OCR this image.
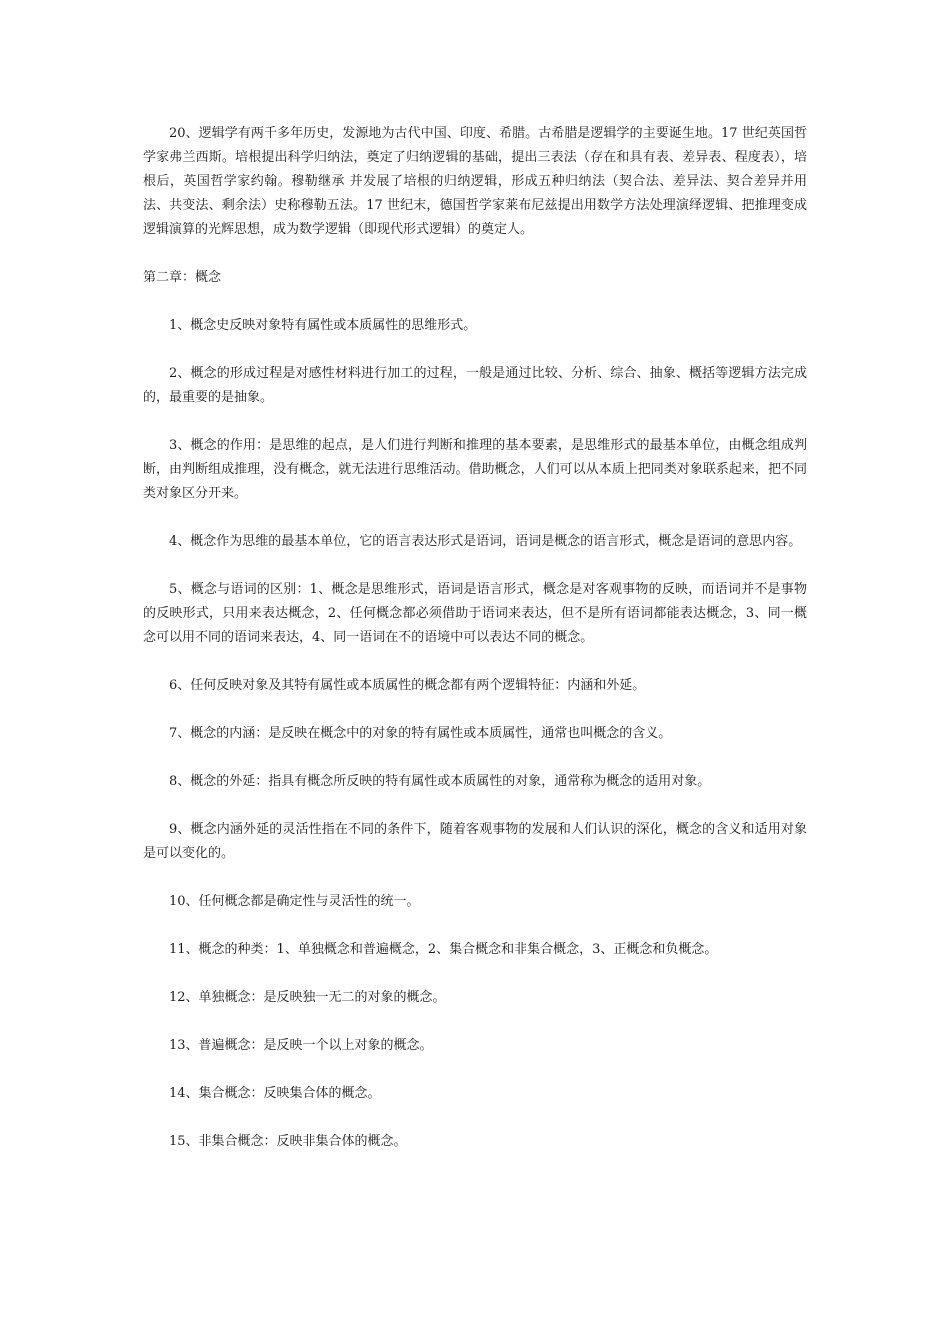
20、逻辑学有两千多年历史，发源地为古代中国、印度、希腊。古希腊是逻辑学的主要诞生地。17 世纪英国哲学家弗兰西斯。培根提出科学归纳法，奠定了归纳逻辑的基础，提出三表法（存在和具有表、差异表、程度表），培根后，英国哲学家约翰。穆勒继承 并发展了培根的归纳逻辑，形成五种归纳法（契合法、差异法、契合差异并用法、共变法、剩余法）史称穆勒五法。17 世纪末，德国哲学家莱布尼兹提出用数学方法处理演绎逻辑、把推理变成逻辑演算的光辉思想，成为数学逻辑（即现代形式逻辑）的奠定人。

第二章：概念

1、概念史反映对象特有属性或本质属性的思维形式。

2、概念的形成过程是对感性材料进行加工的过程，一般是通过比较、分析、综合、抽象、概括等逻辑方法完成的，最重要的是抽象。

3、概念的作用：是思维的起点，是人们进行判断和推理的基本要素，是思维形式的最基本单位，由概念组成判断，由判断组成推理，没有概念，就无法进行思维活动。借助概念，人们可以从本质上把同类对象联系起来，把不同类对象区分开来。

4、概念作为思维的最基本单位，它的语言表达形式是语词，语词是概念的语言形式，概念是语词的意思内容。

5、概念与语词的区别：1、概念是思维形式，语词是语言形式，概念是对客观事物的反映，而语词并不是事物的反映形式，只用来表达概念，2、任何概念都必须借助于语词来表达，但不是所有语词都能表达概念，3、同一概念可以用不同的语词来表达，4、同一语词在不的语境中可以表达不同的概念。

6、任何反映对象及其特有属性或本质属性的概念都有两个逻辑特征：内涵和外延。

7、概念的内涵：是反映在概念中的对象的特有属性或本质属性，通常也叫概念的含义。

8、概念的外延：指具有概念所反映的特有属性或本质属性的对象，通常称为概念的适用对象。

9、概念内涵外延的灵活性指在不同的条件下，随着客观事物的发展和人们认识的深化，概念的含义和适用对象是可以变化的。

10、任何概念都是确定性与灵活性的统一。

11、概念的种类：1、单独概念和普遍概念，2、集合概念和非集合概念，3、正概念和负概念。

12、单独概念：是反映独一无二的对象的概念。

13、普遍概念：是反映一个以上对象的概念。

14、集合概念：反映集合体的概念。

15、非集合概念：反映非集合体的概念。
